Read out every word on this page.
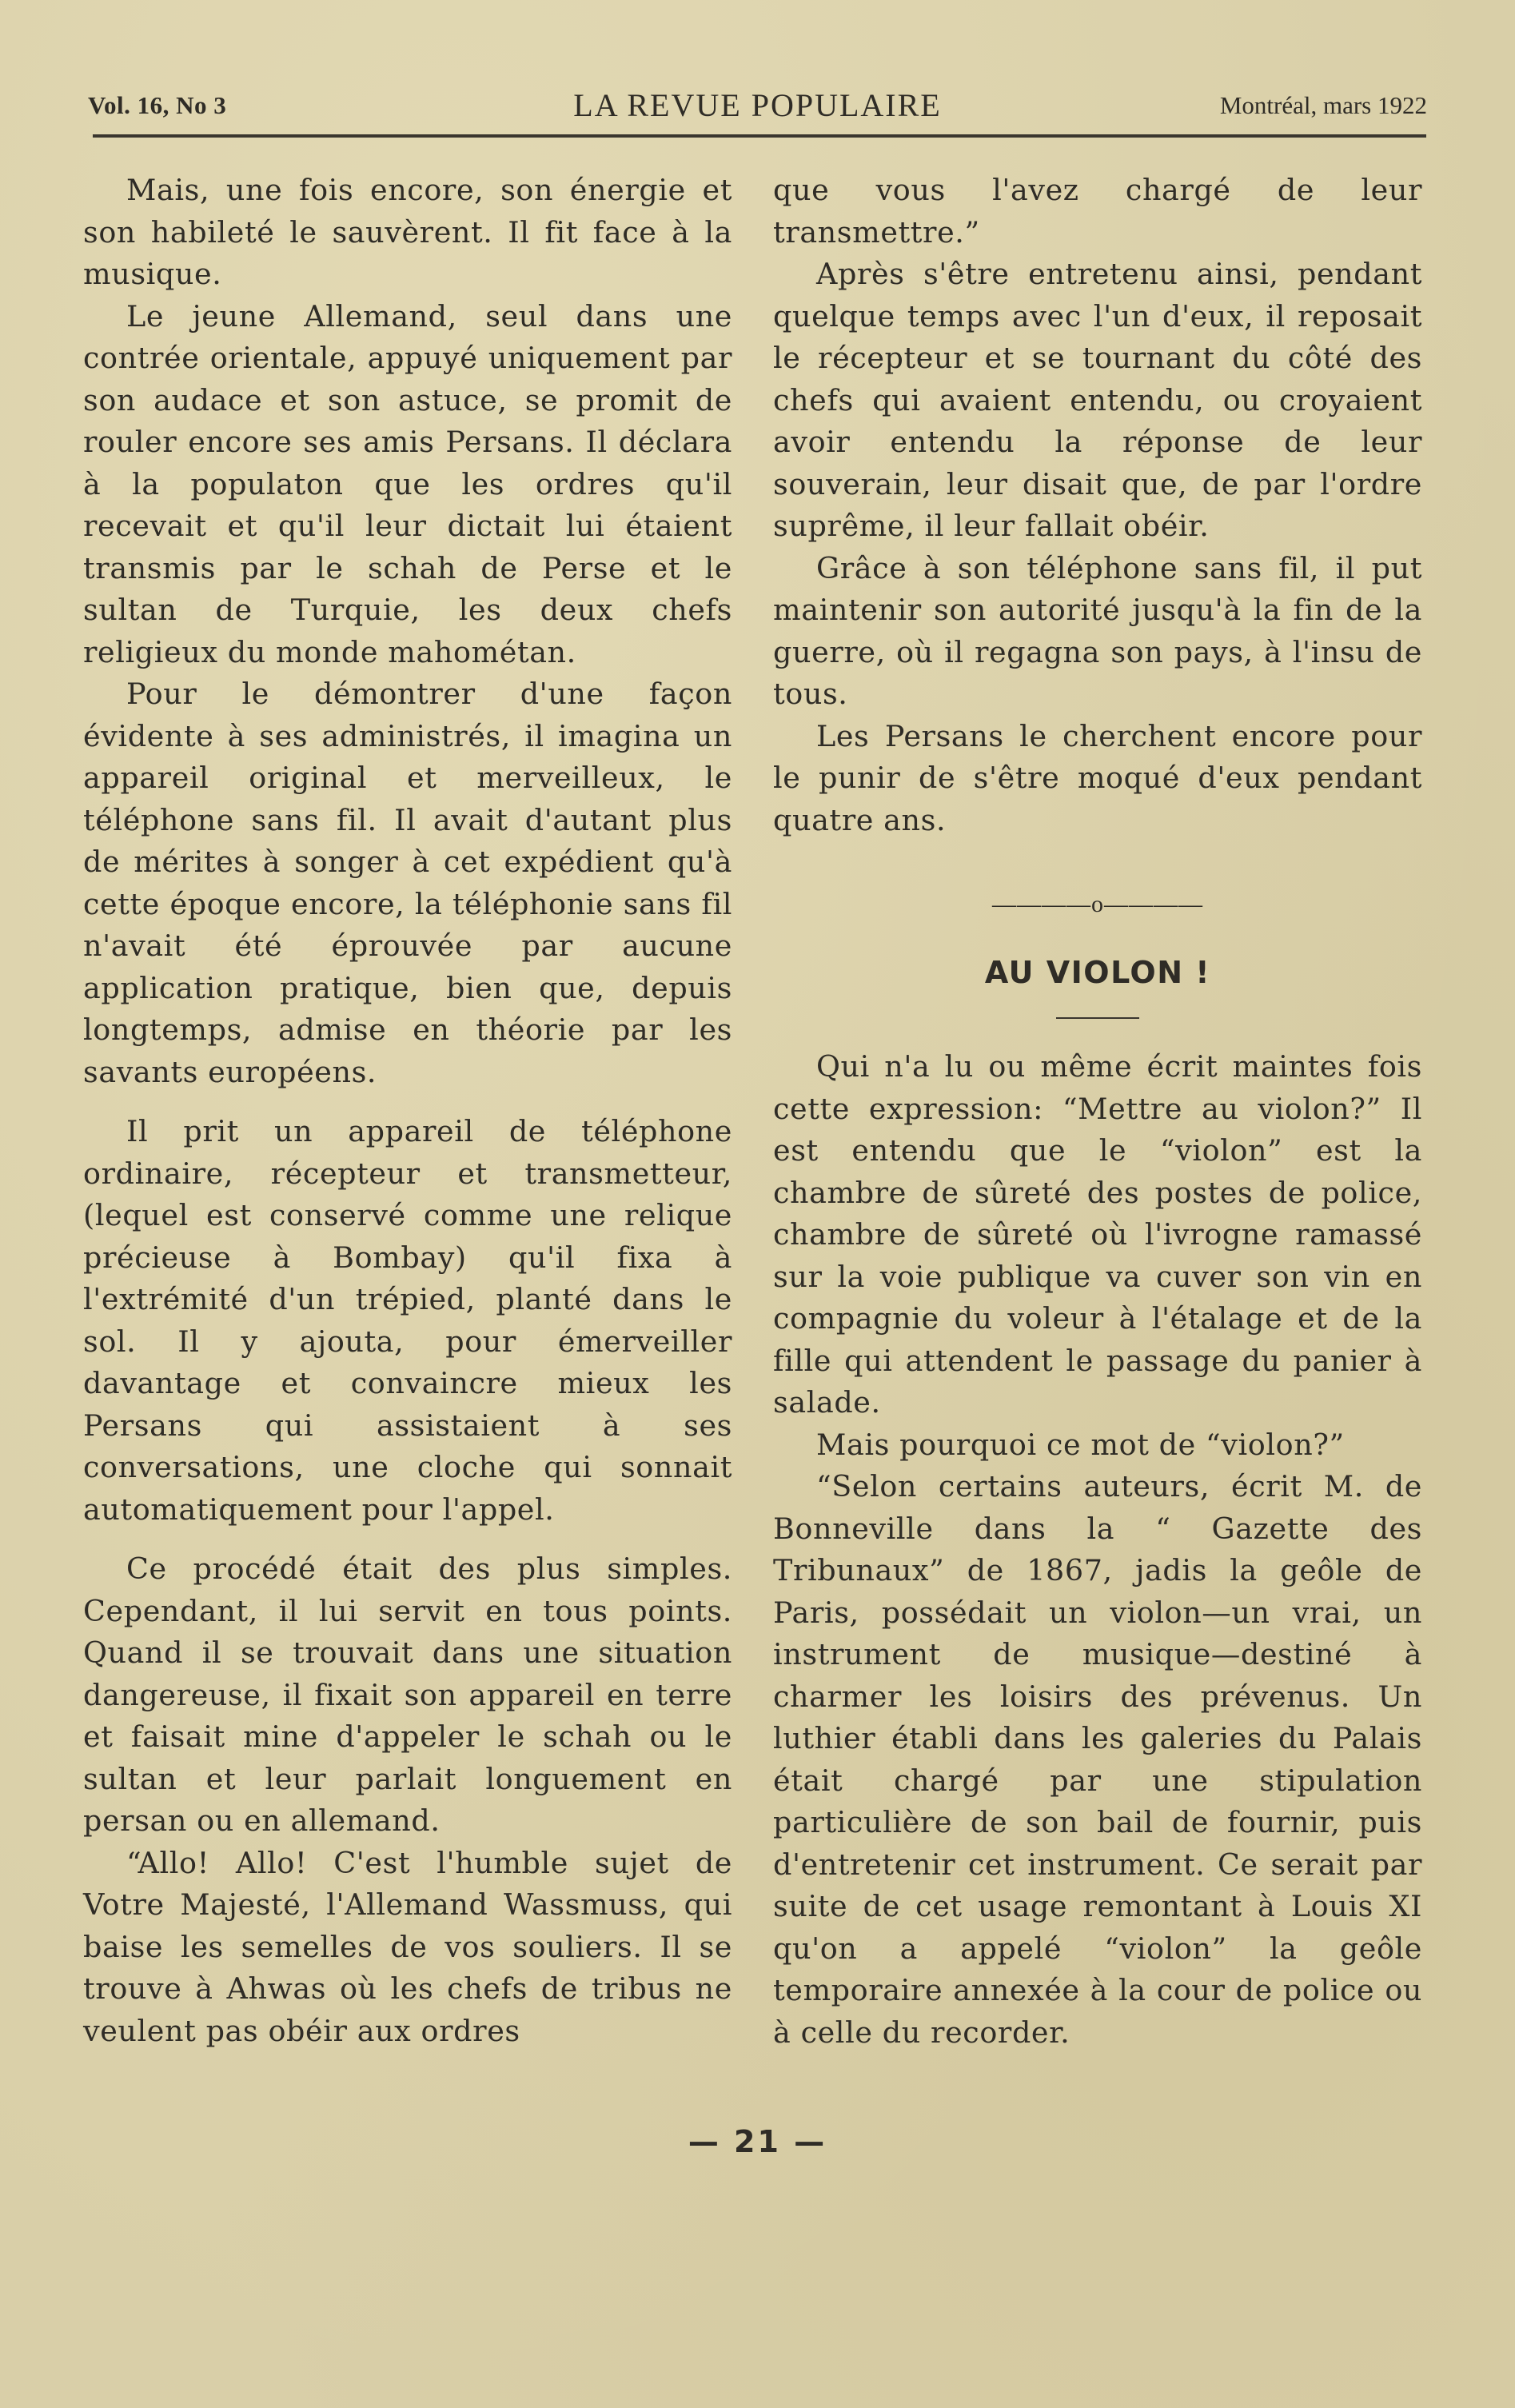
Vol. 16, No 3	LA REVUE POPULAIRE	Montréal, mars 1922

Mais, une fois encore, son énergie et son habileté le sauvèrent. Il fit face à la musique.

Le jeune Allemand, seul dans une contrée orientale, appuyé uniquement par son audace et son astuce, se promit de rouler encore ses amis Persans. Il déclara à la populaton que les ordres qu'il recevait et qu'il leur dictait lui étaient transmis par le schah de Perse et le sultan de Turquie, les deux chefs religieux du monde mahométan.

Pour le démontrer d'une façon évidente à ses administrés, il imagina un appareil original et merveilleux, le téléphone sans fil. Il avait d'autant plus de mérites à songer à cet expédient qu'à cette époque encore, la téléphonie sans fil n'avait été éprouvée par aucune application pratique, bien que, depuis longtemps, admise en théorie par les savants européens.

Il prit un appareil de téléphone ordinaire, récepteur et transmetteur, (lequel est conservé comme une relique précieuse à Bombay) qu'il fixa à l'extrémité d'un trépied, planté dans le sol. Il y ajouta, pour émerveiller davantage et convaincre mieux les Persans qui assistaient à ses conversations, une cloche qui sonnait automatiquement pour l'appel.

Ce procédé était des plus simples. Cependant, il lui servit en tous points. Quand il se trouvait dans une situation dangereuse, il fixait son appareil en terre et faisait mine d'appeler le schah ou le sultan et leur parlait longuement en persan ou en allemand.

“Allo! Allo! C'est l'humble sujet de Votre Majesté, l'Allemand Wassmuss, qui baise les semelles de vos souliers. Il se trouve à Ahwas où les chefs de tribus ne veulent pas obéir aux ordres

que vous l'avez chargé de leur transmettre.”

Après s'être entretenu ainsi, pendant quelque temps avec l'un d'eux, il reposait le récepteur et se tournant du côté des chefs qui avaient entendu, ou croyaient avoir entendu la réponse de leur souverain, leur disait que, de par l'ordre suprême, il leur fallait obéir.

Grâce à son téléphone sans fil, il put maintenir son autorité jusqu'à la fin de la guerre, où il regagna son pays, à l'insu de tous.

Les Persans le cherchent encore pour le punir de s'être moqué d'eux pendant quatre ans.

————o————
AU VIOLON !

Qui n'a lu ou même écrit maintes fois cette expression: “Mettre au violon?” Il est entendu que le “violon” est la chambre de sûreté des postes de police, chambre de sûreté où l'ivrogne ramassé sur la voie publique va cuver son vin en compagnie du voleur à l'étalage et de la fille qui attendent le passage du panier à salade.

Mais pourquoi ce mot de “violon?”

“Selon certains auteurs, écrit M. de Bonneville dans la “ Gazette des Tribunaux” de 1867, jadis la geôle de Paris, possédait un violon—un vrai, un instrument de musique—destiné à charmer les loisirs des prévenus. Un luthier établi dans les galeries du Palais était chargé par une stipulation particulière de son bail de fournir, puis d'entretenir cet instrument. Ce serait par suite de cet usage remontant à Louis XI qu'on a appelé “violon” la geôle temporaire annexée à la cour de police ou à celle du recorder.

— 21 —
